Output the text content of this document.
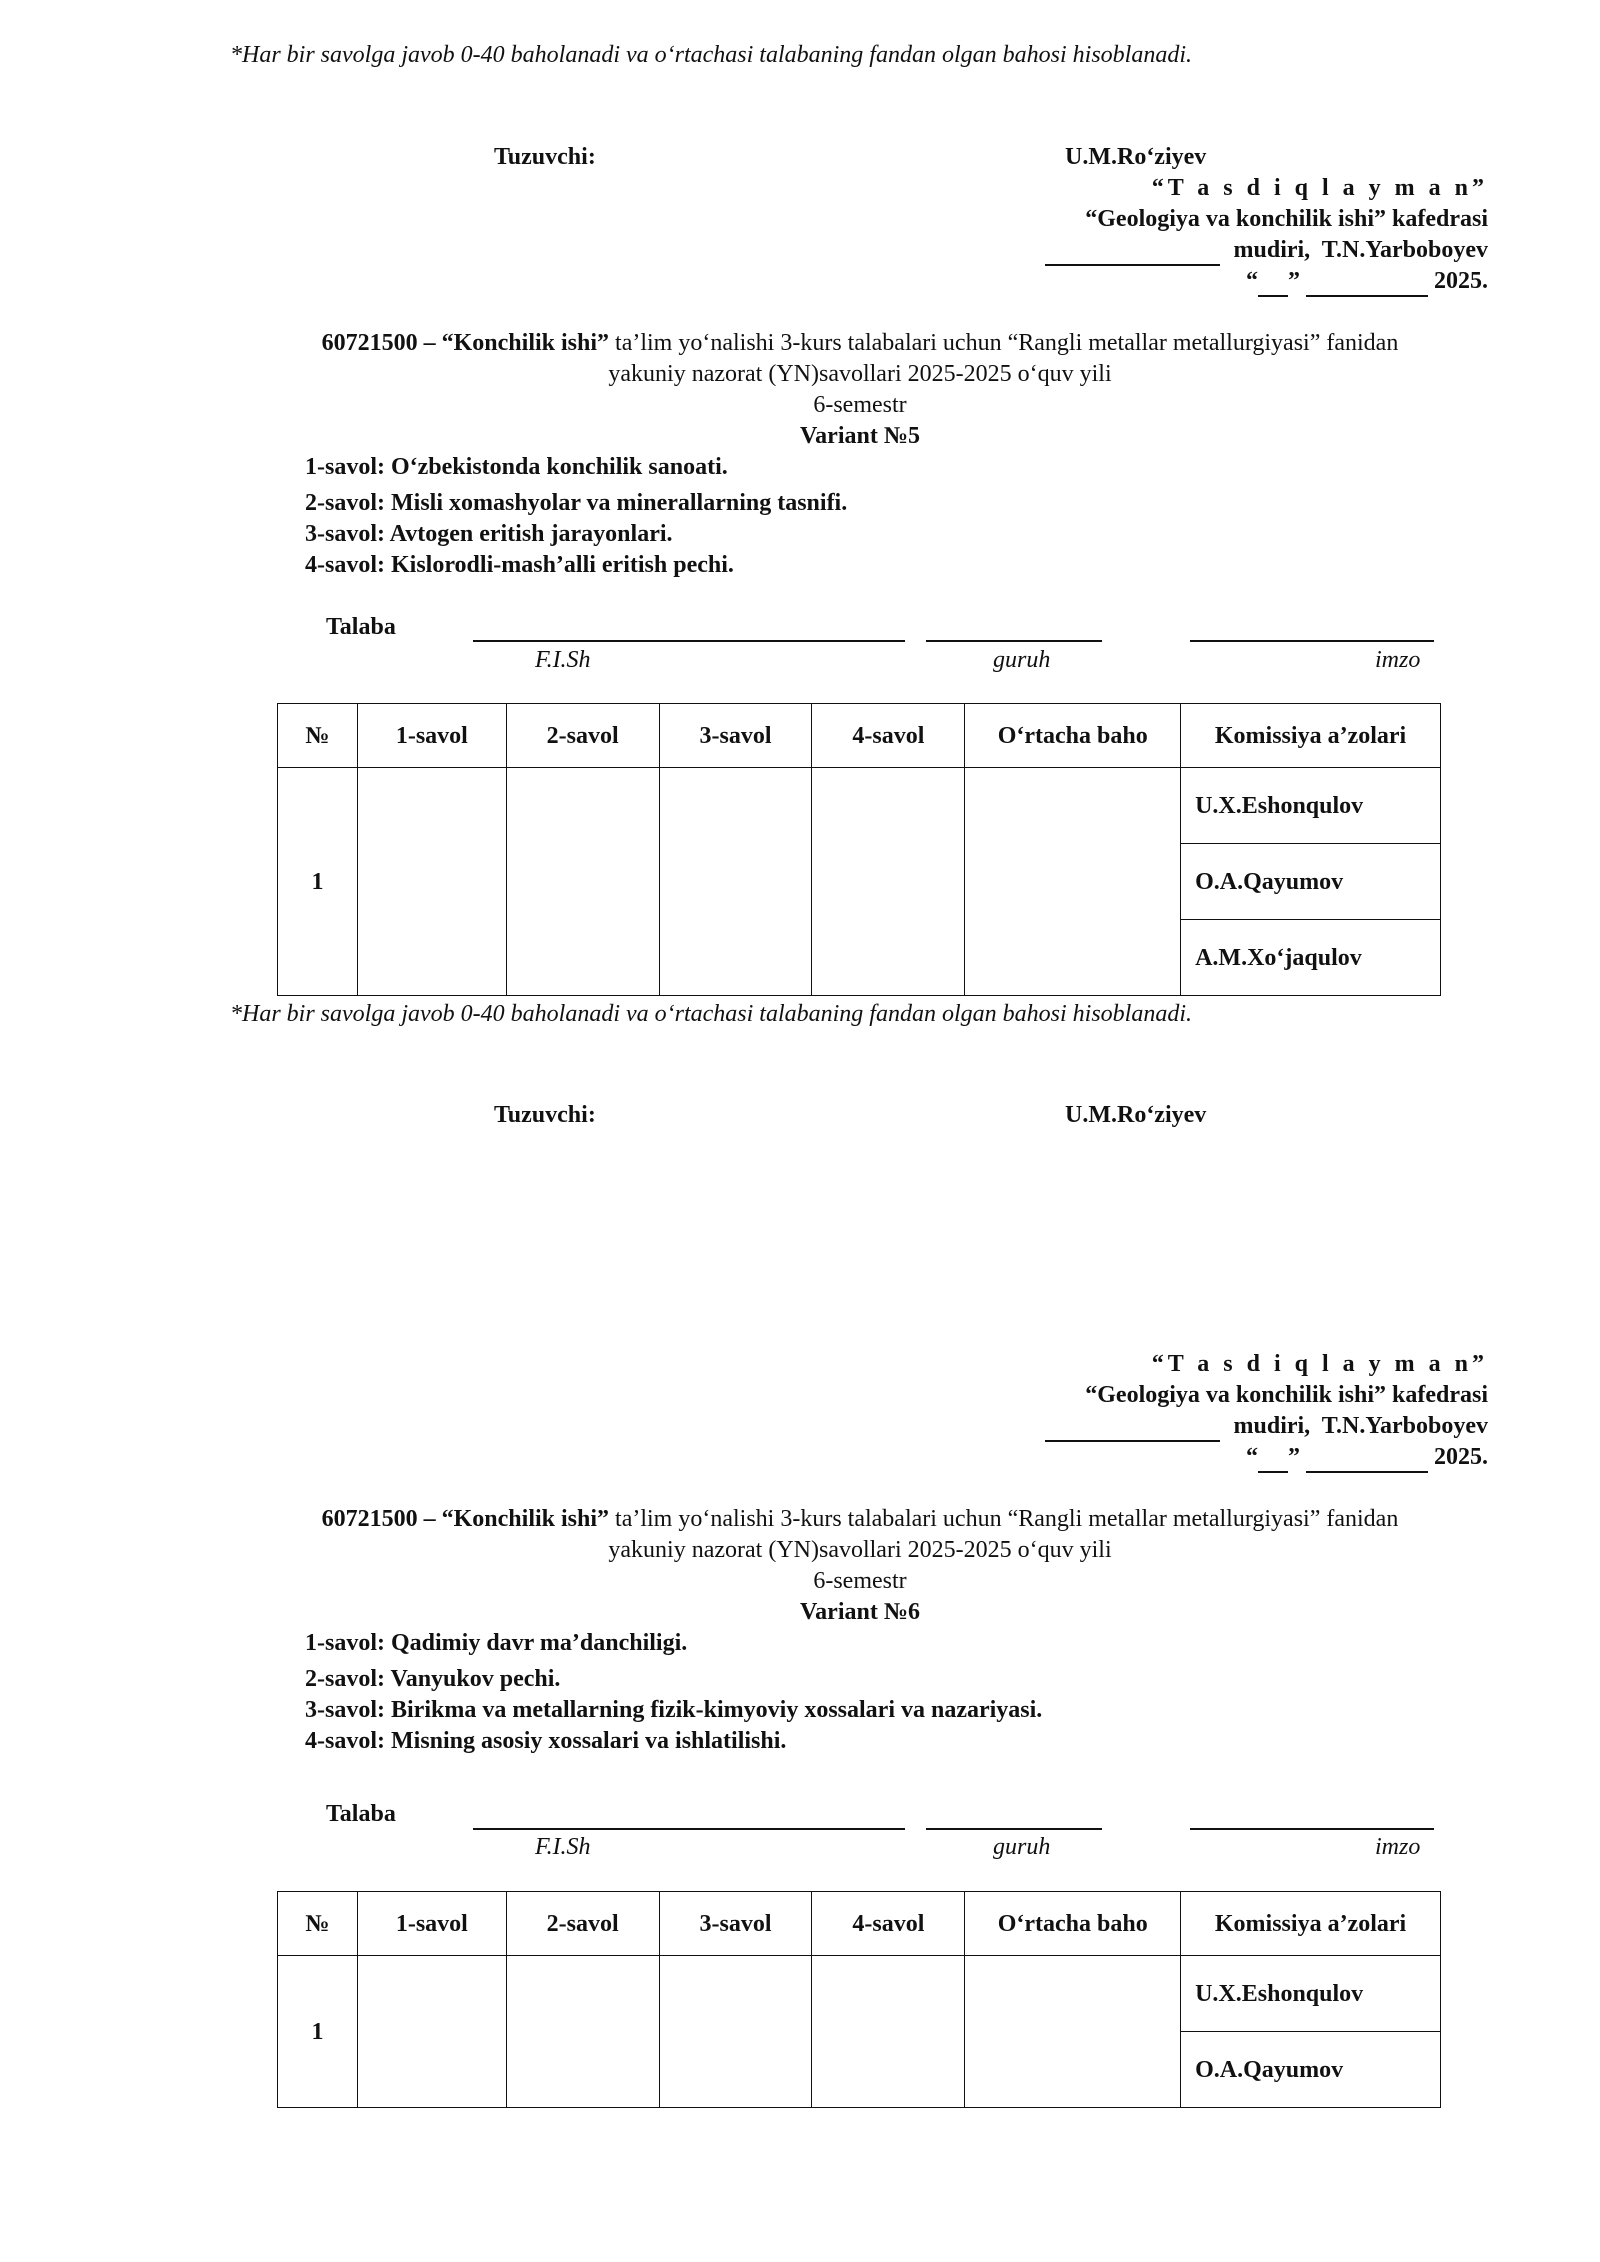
*Har bir savolga javob 0-40 baholanadi va o‘rtachasi talabaning fandan olgan bahosi hisoblanadi.
Tuzuvchi:	U.M.Ro‘ziyev
“T a s d i q l a y m a n”
“Geologiya va konchilik ishi” kafedrasi
mudiri, T.N.Yarboboyev
“ ”	2025.
60721500 – “Konchilik ishi” ta’lim yo‘nalishi 3-kurs talabalari uchun “Rangli metallar metallurgiyasi” fanidan
yakuniy nazorat (YN)savollari 2025-2025 o‘quv yili
6-semestr
Variant №5
1-savol: O‘zbekistonda konchilik sanoati.
2-savol: Misli xomashyolar va minerallarning tasnifi.
3-savol: Avtogen eritish jarayonlari.
4-savol: Kislorodli-mash’alli eritish pechi.
Talaba
F.I.Sh	guruh	imzo
№	1-savol	2-savol	3-savol	4-savol	O‘rtacha baho	Komissiya a’zolari
1						U.X.Eshonqulov
						O.A.Qayumov
						A.M.Xo‘jaqulov
*Har bir savolga javob 0-40 baholanadi va o‘rtachasi talabaning fandan olgan bahosi hisoblanadi.
Tuzuvchi:	U.M.Ro‘ziyev
“T a s d i q l a y m a n”
“Geologiya va konchilik ishi” kafedrasi
mudiri, T.N.Yarboboyev
“ ”	2025.
60721500 – “Konchilik ishi” ta’lim yo‘nalishi 3-kurs talabalari uchun “Rangli metallar metallurgiyasi” fanidan
yakuniy nazorat (YN)savollari 2025-2025 o‘quv yili
6-semestr
Variant №6
1-savol: Qadimiy davr ma’danchiligi.
2-savol: Vanyukov pechi.
3-savol: Birikma va metallarning fizik-kimyoviy xossalari va nazariyasi.
4-savol: Misning asosiy xossalari va ishlatilishi.
Talaba
F.I.Sh	guruh	imzo
№	1-savol	2-savol	3-savol	4-savol	O‘rtacha baho	Komissiya a’zolari
1						U.X.Eshonqulov
						O.A.Qayumov
